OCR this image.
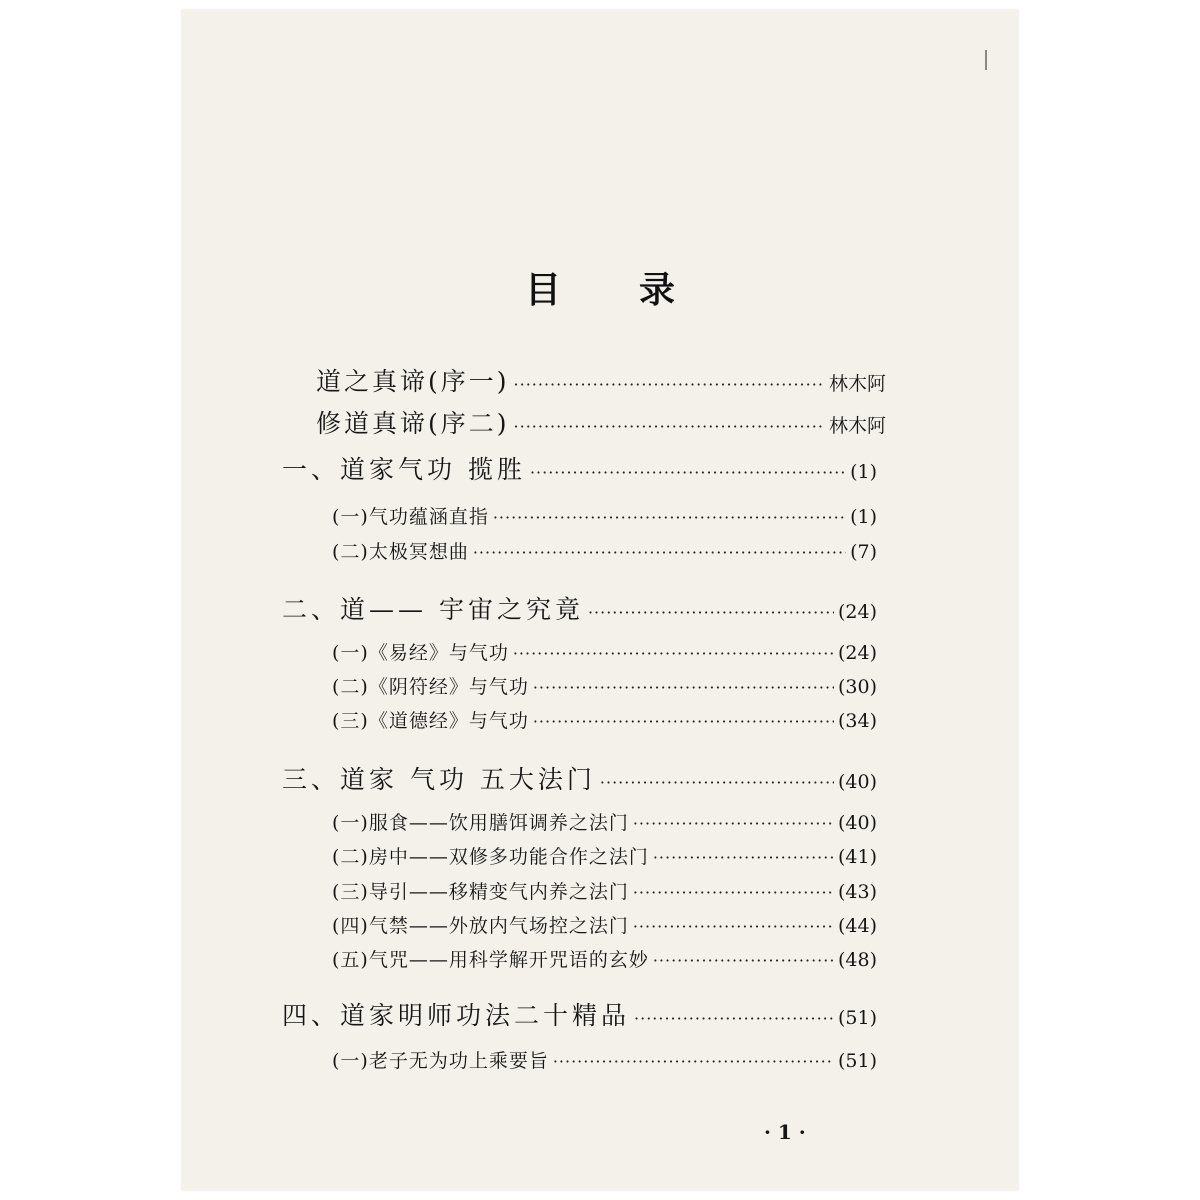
目 录
道之真谛(序一) ·····	林木阿
修道真谛(序二) ·····	林木阿
一、道家气功 揽胜 ·····	(1)
(一)气功蕴涵直指 ·····	(1)
(二)太极冥想曲 ·····	(7)
二、道—— 宇宙之究竟 ·····	(24)
(一)《易经》与气功 ·····	(24)
(二)《阴符经》与气功 ·····	(30)
(三)《道德经》与气功 ·····	(34)
三、道家 气功 五大法门 ·····	(40)
(一)服食——饮用膳饵调养之法门 ·····	(40)
(二)房中——双修多功能合作之法门 ·····	(41)
(三)导引——移精变气内养之法门 ·····	(43)
(四)气禁——外放内气场控之法门 ·····	(44)
(五)气咒——用科学解开咒语的玄妙 ·····	(48)
四、道家明师功法二十精品 ·····	(51)
(一)老子无为功上乘要旨 ·····	(51)
· 1 ·
